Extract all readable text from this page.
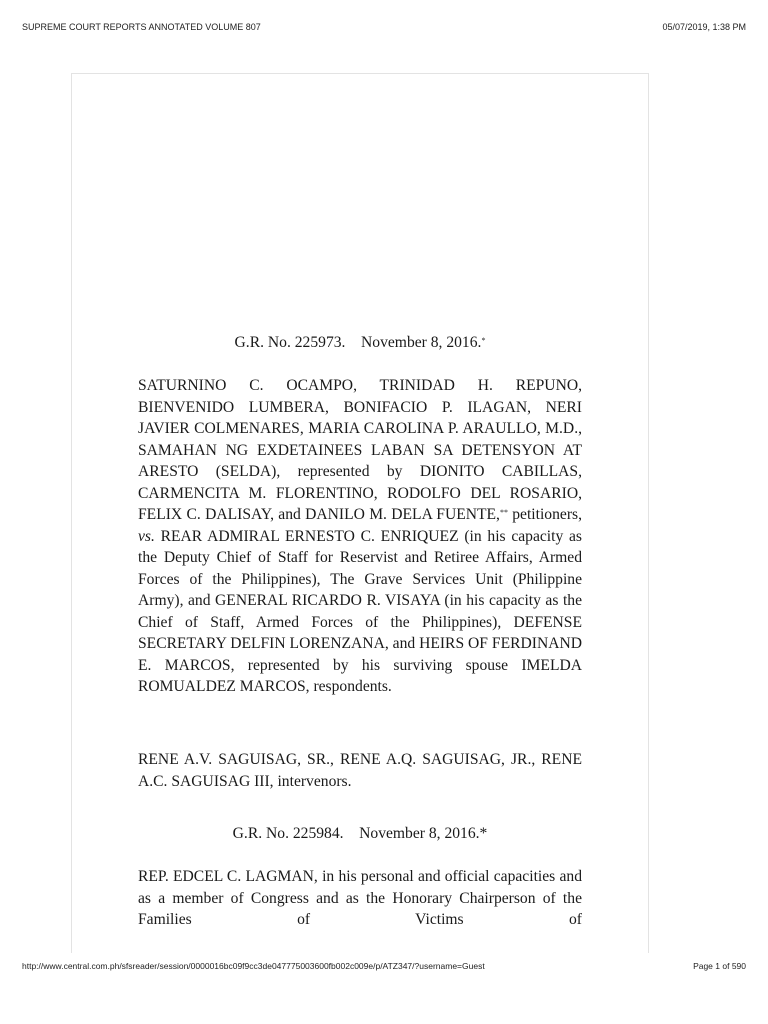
SUPREME COURT REPORTS ANNOTATED VOLUME 807	05/07/2019, 1:38 PM

G.R. No. 225973.    November 8, 2016.*

SATURNINO C. OCAMPO, TRINIDAD H. REPUNO, BIENVENIDO LUMBERA, BONIFACIO P. ILAGAN, NERI JAVIER COLMENARES, MARIA CAROLINA P. ARAULLO, M.D., SAMAHAN NG EXDETAINEES LABAN SA DETENSYON AT ARESTO (SELDA), represented by DIONITO CABILLAS, CARMENCITA M. FLORENTINO, RODOLFO DEL ROSARIO, FELIX C. DALISAY, and DANILO M. DELA FUENTE,** petitioners, vs. REAR ADMIRAL ERNESTO C. ENRIQUEZ (in his capacity as the Deputy Chief of Staff for Reservist and Retiree Affairs, Armed Forces of the Philippines), The Grave Services Unit (Philippine Army), and GENERAL RICARDO R. VISAYA (in his capacity as the Chief of Staff, Armed Forces of the Philippines), DEFENSE SECRETARY DELFIN LORENZANA, and HEIRS OF FERDINAND E. MARCOS, represented by his surviving spouse IMELDA ROMUALDEZ MARCOS, respondents.

RENE A.V. SAGUISAG, SR., RENE A.Q. SAGUISAG, JR., RENE A.C. SAGUISAG III, intervenors.

G.R. No. 225984.    November 8, 2016.*

REP. EDCEL C. LAGMAN, in his personal and official capacities and as a member of Congress and as the Honorary Chairperson of the Families of Victims of

http://www.central.com.ph/sfsreader/session/0000016bc09f9cc3de047775003600fb002c009e/p/ATZ347/?username=Guest	Page 1 of 590
